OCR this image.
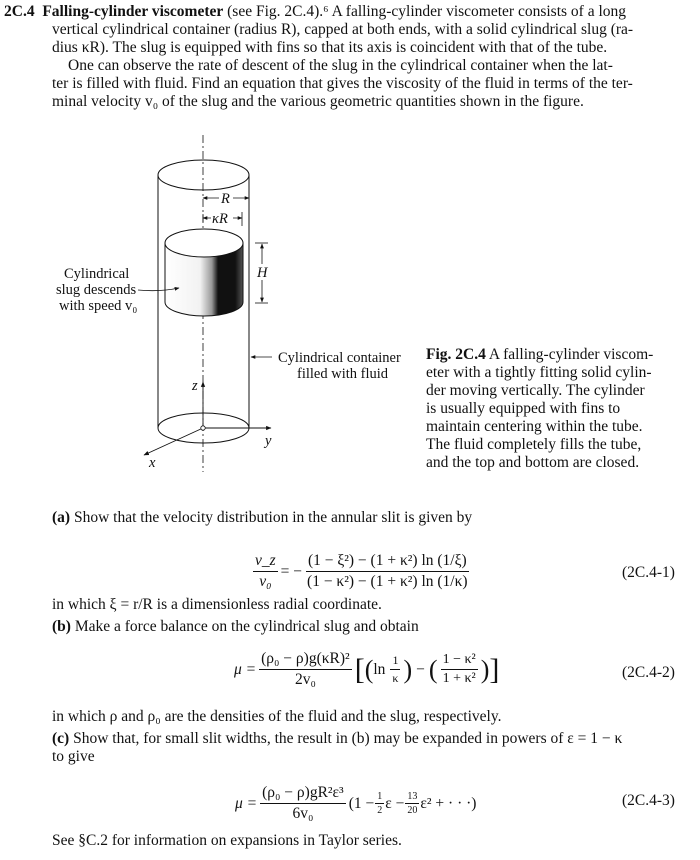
2C.4 Falling-cylinder viscometer (see Fig. 2C.4).⁶ A falling-cylinder viscometer consists of a long
vertical cylindrical container (radius R), capped at both ends, with a solid cylindrical slug (ra-
dius κR). The slug is equipped with fins so that its axis is coincident with that of the tube.
One can observe the rate of descent of the slug in the cylindrical container when the lat-
ter is filled with fluid. Find an equation that gives the viscosity of the fluid in terms of the ter-
minal velocity v₀ of the slug and the various geometric quantities shown in the figure.
R
κR
H
Cylindrical
slug descends
with speed v₀
Cylindrical container
filled with fluid
z
y
x
Fig. 2C.4 A falling-cylinder viscom-
eter with a tightly fitting solid cylin-
der moving vertically. The cylinder
is usually equipped with fins to
maintain centering within the tube.
The fluid completely fills the tube,
and the top and bottom are closed.
(a) Show that the velocity distribution in the annular slit is given by
$\frac{v\_z}{\text{v₀}}$ = − $\frac{\text{(1 − ξ²) − (1 + κ²) ln (1/ξ)}}{\text{(1 − κ²) − (1 + κ²) ln (1/κ)}}$	(2C.4-1)
in which ξ = r/R is a dimensionless radial coordinate.
(b) Make a force balance on the cylindrical slug and obtain
$\mu = \frac{\text{(ρ₀ − ρ)g(κR)²}}{\text{2v₀}}$ [ ( $\ln \frac{1}{\kappa}$ ) − ( $\frac{\text{1 − κ²}}{\text{1 + κ²}}$ ) ]	(2C.4-2)
in which ρ and ρ₀ are the densities of the fluid and the slug, respectively.
(c) Show that, for small slit widths, the result in (b) may be expanded in powers of ε = 1 − κ
to give
$\mu = \frac{\text{(ρ₀ − ρ)gR²ε³}}{\text{6v₀}} (1 - \frac{1}{2}$ $\varepsilon - \frac{13}{20} \varepsilon^2$ + · · ·)	(2C.4-3)
See §C.2 for information on expansions in Taylor series.
